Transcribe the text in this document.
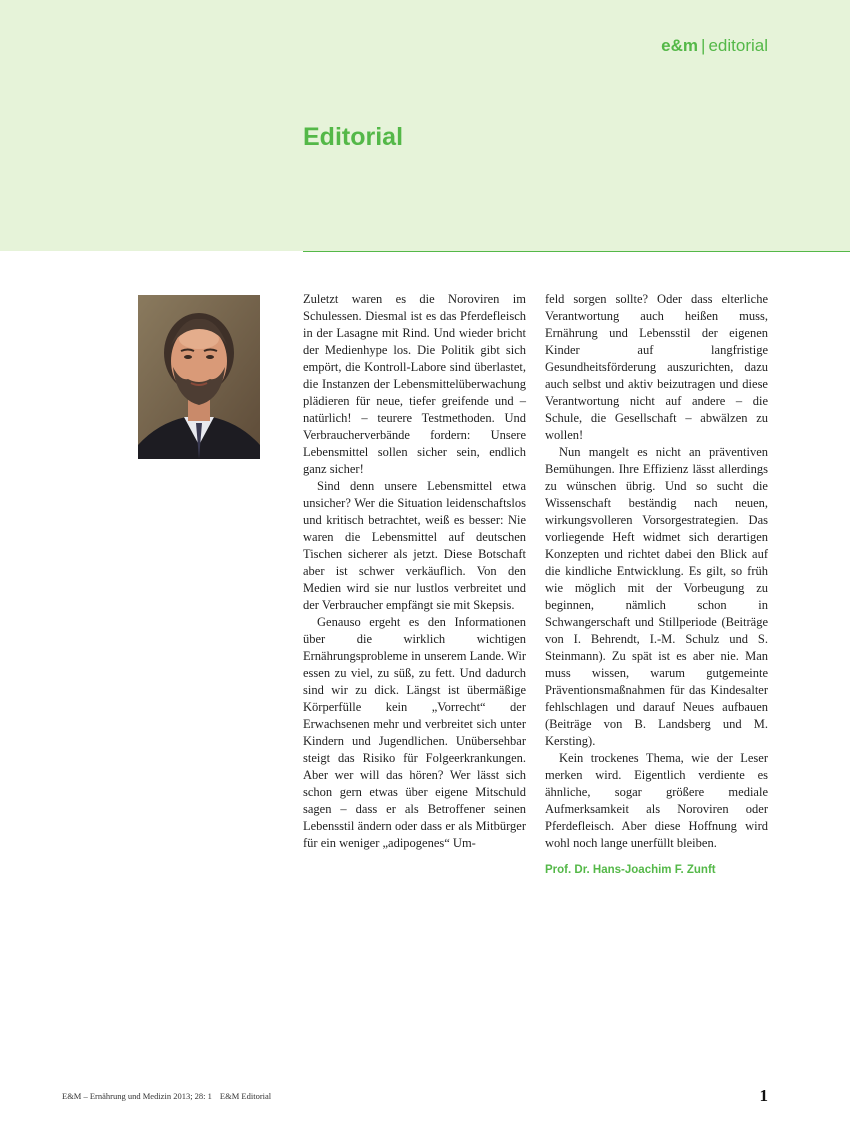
e&m | editorial
Editorial

Zuletzt waren es die Noroviren im Schulessen. Diesmal ist es das Pferdefleisch in der Lasagne mit Rind. Und wieder bricht der Medienhype los. Die Politik gibt sich empört, die Kontroll-Labore sind überlastet, die Instanzen der Lebensmittelüberwachung plädieren für neue, tiefer greifende und – natürlich! – teurere Testmethoden. Und Verbraucherverbände fordern: Unsere Lebensmittel sollen sicher sein, endlich ganz sicher!

Sind denn unsere Lebensmittel etwa unsicher? Wer die Situation leidenschaftslos und kritisch betrachtet, weiß es besser: Nie waren die Lebensmittel auf deutschen Tischen sicherer als jetzt. Diese Botschaft aber ist schwer verkäuflich. Von den Medien wird sie nur lustlos verbreitet und der Verbraucher empfängt sie mit Skepsis.

Genauso ergeht es den Informationen über die wirklich wichtigen Ernährungsprobleme in unserem Lande. Wir essen zu viel, zu süß, zu fett. Und dadurch sind wir zu dick. Längst ist übermäßige Körperfülle kein „Vorrecht“ der Erwachsenen mehr und verbreitet sich unter Kindern und Jugendlichen. Unübersehbar steigt das Risiko für Folgeerkrankungen. Aber wer will das hören? Wer lässt sich schon gern etwas über eigene Mitschuld sagen – dass er als Betroffener seinen Lebensstil ändern oder dass er als Mitbürger für ein weniger „adipogenes“ Um-

feld sorgen sollte? Oder dass elterliche Verantwortung auch heißen muss, Ernährung und Lebensstil der eigenen Kinder auf langfristige Gesundheitsförderung auszurichten, dazu auch selbst und aktiv beizutragen und diese Verantwortung nicht auf andere – die Schule, die Gesellschaft – abwälzen zu wollen!

Nun mangelt es nicht an präventiven Bemühungen. Ihre Effizienz lässt allerdings zu wünschen übrig. Und so sucht die Wissenschaft beständig nach neuen, wirkungsvolleren Vorsorgestrategien. Das vorliegende Heft widmet sich derartigen Konzepten und richtet dabei den Blick auf die kindliche Entwicklung. Es gilt, so früh wie möglich mit der Vorbeugung zu beginnen, nämlich schon in Schwangerschaft und Stillperiode (Beiträge von I. Behrendt, I.-M. Schulz und S. Steinmann). Zu spät ist es aber nie. Man muss wissen, warum gutgemeinte Präventionsmaßnahmen für das Kindesalter fehlschlagen und darauf Neues aufbauen (Beiträge von B. Landsberg und M. Kersting).

Kein trockenes Thema, wie der Leser merken wird. Eigentlich verdiente es ähnliche, sogar größere mediale Aufmerksamkeit als Noroviren oder Pferdefleisch. Aber diese Hoffnung wird wohl noch lange unerfüllt bleiben.

Prof. Dr. Hans-Joachim F. Zunft

E&M – Ernährung und Medizin 2013; 28: 1 E&M Editorial	1
